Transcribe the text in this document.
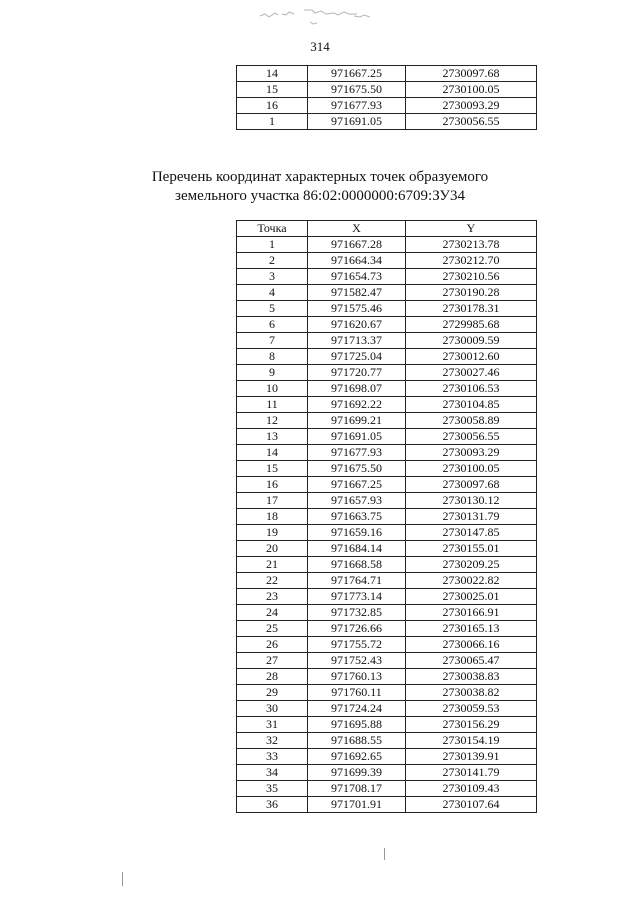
314
14	971667.25	2730097.68
15	971675.50	2730100.05
16	971677.93	2730093.29
1	971691.05	2730056.55
Перечень координат характерных точек образуемого
земельного участка 86:02:0000000:6709:ЗУ34
Точка	X	Y
1	971667.28	2730213.78
2	971664.34	2730212.70
3	971654.73	2730210.56
4	971582.47	2730190.28
5	971575.46	2730178.31
6	971620.67	2729985.68
7	971713.37	2730009.59
8	971725.04	2730012.60
9	971720.77	2730027.46
10	971698.07	2730106.53
11	971692.22	2730104.85
12	971699.21	2730058.89
13	971691.05	2730056.55
14	971677.93	2730093.29
15	971675.50	2730100.05
16	971667.25	2730097.68
17	971657.93	2730130.12
18	971663.75	2730131.79
19	971659.16	2730147.85
20	971684.14	2730155.01
21	971668.58	2730209.25
22	971764.71	2730022.82
23	971773.14	2730025.01
24	971732.85	2730166.91
25	971726.66	2730165.13
26	971755.72	2730066.16
27	971752.43	2730065.47
28	971760.13	2730038.83
29	971760.11	2730038.82
30	971724.24	2730059.53
31	971695.88	2730156.29
32	971688.55	2730154.19
33	971692.65	2730139.91
34	971699.39	2730141.79
35	971708.17	2730109.43
36	971701.91	2730107.64
